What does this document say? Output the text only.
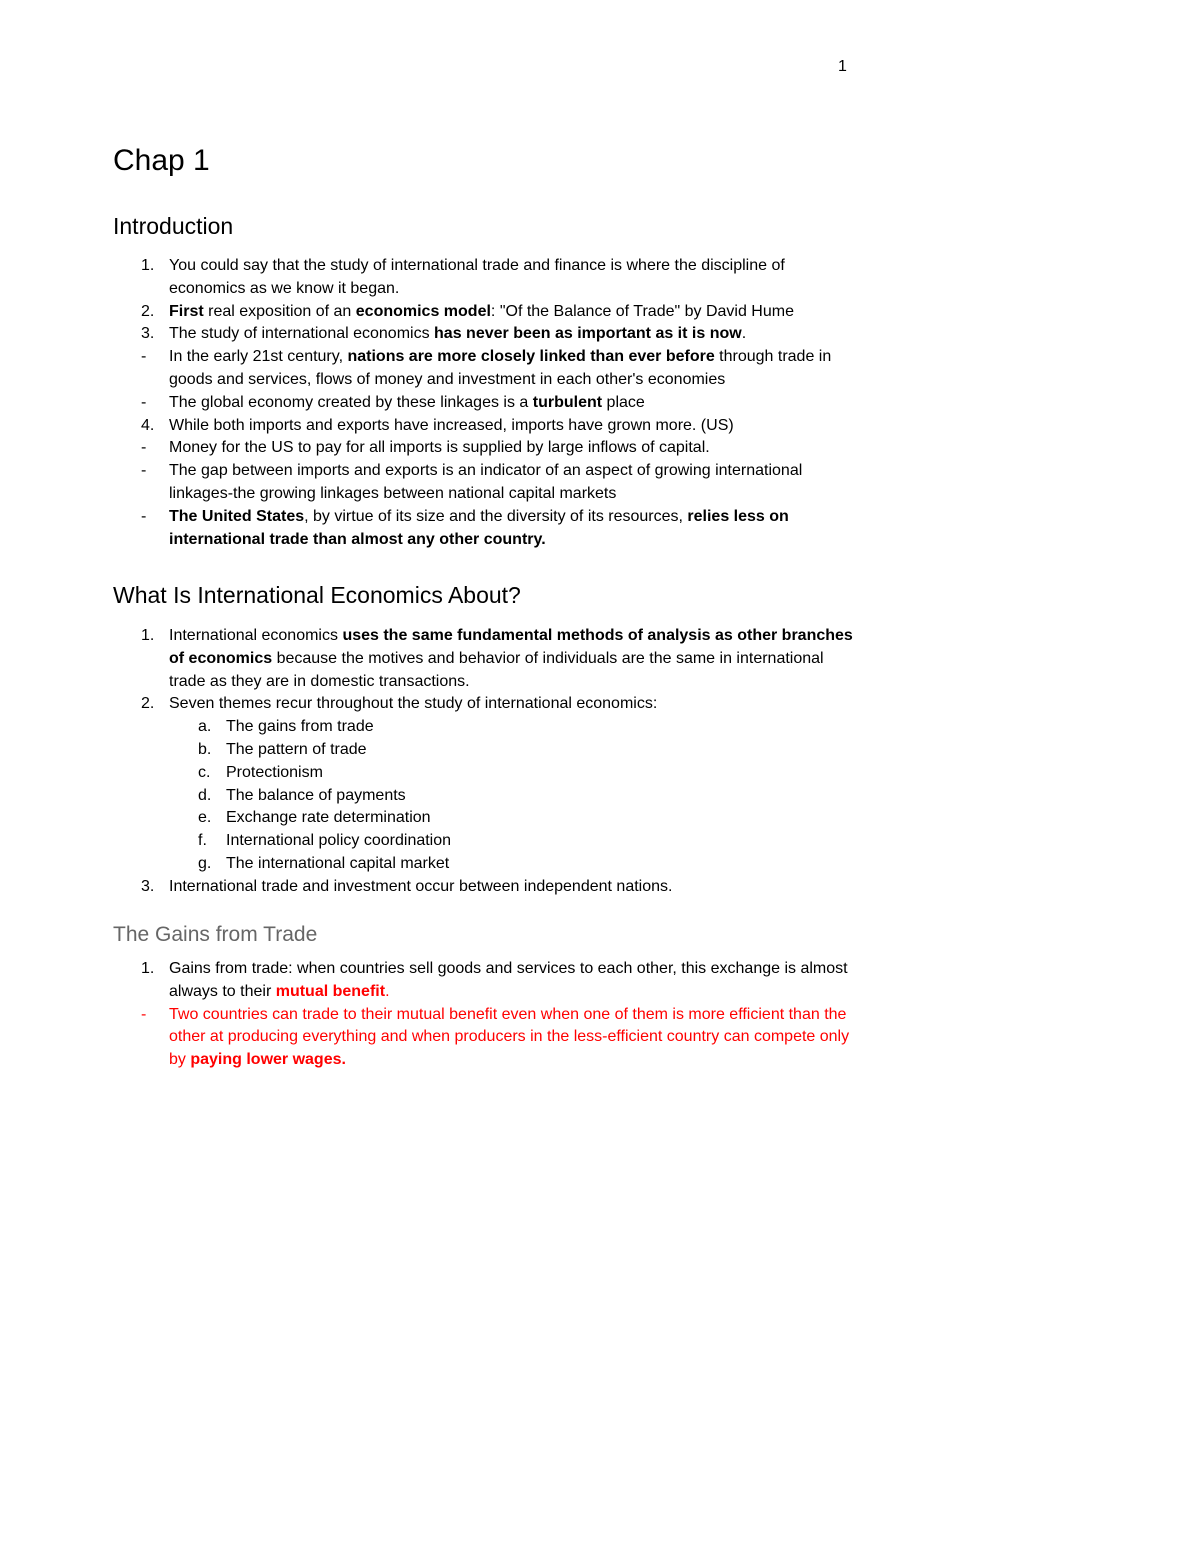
1
Chap 1
Introduction
1. You could say that the study of international trade and finance is where the discipline of economics as we know it began.
2. First real exposition of an economics model: "Of the Balance of Trade" by David Hume
3. The study of international economics has never been as important as it is now.
- In the early 21st century, nations are more closely linked than ever before through trade in goods and services, flows of money and investment in each other's economies
- The global economy created by these linkages is a turbulent place
4. While both imports and exports have increased, imports have grown more. (US)
- Money for the US to pay for all imports is supplied by large inflows of capital.
- The gap between imports and exports is an indicator of an aspect of growing international linkages-the growing linkages between national capital markets
- The United States, by virtue of its size and the diversity of its resources, relies less on international trade than almost any other country.
What Is International Economics About?
1. International economics uses the same fundamental methods of analysis as other branches of economics because the motives and behavior of individuals are the same in international trade as they are in domestic transactions.
2. Seven themes recur throughout the study of international economics:
a. The gains from trade
b. The pattern of trade
c. Protectionism
d. The balance of payments
e. Exchange rate determination
f. International policy coordination
g. The international capital market
3. International trade and investment occur between independent nations.
The Gains from Trade
1. Gains from trade: when countries sell goods and services to each other, this exchange is almost always to their mutual benefit.
- Two countries can trade to their mutual benefit even when one of them is more efficient than the other at producing everything and when producers in the less-efficient country can compete only by paying lower wages.
